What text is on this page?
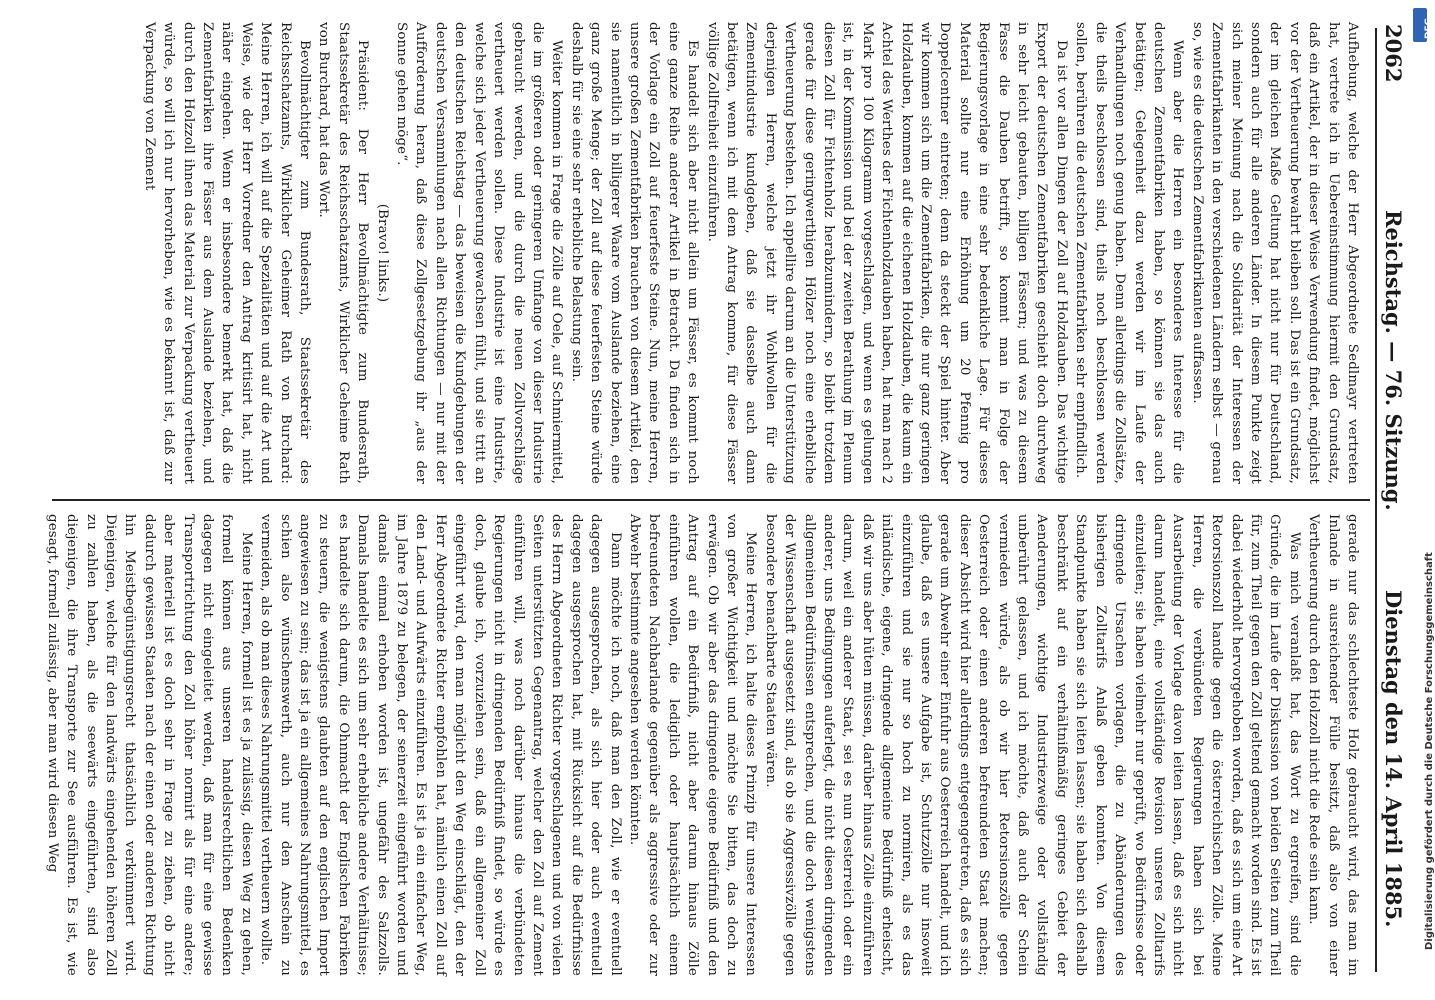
2062
Reichstag. — 76. Sitzung.
Dienstag den 14. April 1885.

Aufhebung, welche der Herr Abgeordnete Sedlmayr vertreten hat, vertrete ich in Uebereinstimmung hiermit den Grundsatz, daß ein Artikel, der in dieser Weise Verwendung findet, möglichst vor der Vertheuerung bewahrt bleiben soll. Das ist ein Grundsatz, der im gleichen Maße Geltung hat nicht nur für Deutschland, sondern auch für alle anderen Länder. In diesem Punkte zeigt sich meiner Meinung nach die Solidarität der Interessen der Zementfabrikanten in den verschiedenen Ländern selbst — genau so, wie es die deutschen Zementfabrikanten auffassen.

Wenn aber die Herren ein besonderes Interesse für die deutschen Zementfabriken haben, so können sie das auch betätigen; Gelegenheit dazu werden wir im Laufe der Verhandlungen noch genug haben. Denn allerdings die Zollsätze, die theils beschlossen sind, theils noch beschlossen werden sollen, berühren die deutschen Zementfabriken sehr empfindlich.

Da ist vor allen Dingen der Zoll auf Holzdauben. Das wichtige Export der deutschen Zementfabriken geschieht doch durchweg in sehr leicht gebauten, billigen Fässern; und was zu diesem Fasse die Dauben betrifft, so kommt man in Folge der Regierungsvorlage in eine sehr bedenkliche Lage. Für dieses Material sollte nur eine Erhöhung um 20 Pfennig pro Doppelcentner eintreten; denn da steckt der Spiel hinter. Aber wir kommen sich um die Zementfabriken, die nur ganz geringen Holzdauben, kommen auf die eichenen Holzdauben, die kaum ein Achtel des Werthes der Fichtenholzdauben haben, hat man nach 2 Mark pro 100 Kilogramm vorgeschlagen, und wenn es gelungen ist, in der Kommission und bei der zweiten Berathung im Plenum diesen Zoll für Fichtenholz herabzumindern, so bleibt trotzdem gerade für diese geringwerthigen Hölzer noch eine erhebliche Vertheuerung bestehen. Ich appellire darum an die Unterstützung derjenigen Herren, welche jetzt ihr Wohlwollen für die Zementindustrie kundgeben, daß sie dasselbe auch dann betätigen, wenn ich mit dem Antrag komme, für diese Fässer völlige Zollfreiheit einzuführen.

Es handelt sich aber nicht allein um Fässer, es kommt noch eine ganze Reihe anderer Artikel in Betracht. Da finden sich in der Vorlage ein Zoll auf feuerfeste Steine. Nun, meine Herren, unsere großen Zementfabriken brauchen von diesem Artikel, den sie namentlich in billigerer Waare vom Auslande beziehen, eine ganz große Menge; der Zoll auf diese feuerfesten Steine würde deshalb für sie eine sehr erhebliche Belastung sein.

Weiter kommen in Frage die Zölle auf Oele, auf Schmiermittel, die im größeren oder geringeren Umfange von dieser Industrie gebraucht werden, und die durch die neuen Zollvorschläge vertheuert werden sollen. Diese Industrie ist eine Industrie, welche sich jeder Vertheuerung gewachsen fühlt, und sie tritt an den deutschen Reichstag — das beweisen die Kundgebungen der deutschen Versammlungen nach allen Richtungen — nur mit der Aufforderung heran, daß diese Zollgesetzgebung ihr „aus der Sonne gehen möge“.

(Bravo! links.)

Präsident: Der Herr Bevollmächtigte zum Bundesrath, Staatssekretär des Reichsschatzamts, Wirklicher Geheime Rath von Burchard, hat das Wort.

Bevollmächtigter zum Bundesrath, Staatssekretär des Reichsschatzamts, Wirklicher Geheimer Rath von Burchard: Meine Herren, ich will auf die Spezialitäten und auf die Art und Weise, wie der Herr Vorredner den Antrag kritisirt hat, nicht näher eingehen. Wenn er insbesondere bemerkt hat, daß die Zementfabriken ihre Fässer aus dem Auslande beziehen, und durch den Holzzoll ihnen das Material zur Verpackung vertheuert würde, so will ich nur hervorheben, wie es bekannt ist, daß zur Verpackung von Zement

gerade nur das schlechteste Holz gebraucht wird, das man im Inlande in ausreichender Fülle besitzt, daß also von einer Vertheuerung durch den Holzzoll nicht die Rede sein kann.

Was mich veranlaßt hat, das Wort zu ergreifen, sind die Gründe, die im Laufe der Diskussion von beiden Seiten zum Theil für, zum Theil gegen den Zoll geltend gemacht worden sind. Es ist dabei wiederholt hervorgehoben worden, daß es sich um eine Art Retorsionszoll handle gegen die österreichischen Zölle. Meine Herren, die verbündeten Regierungen haben sich bei Ausarbeitung der Vorlage davon leiten lassen, daß es sich nicht darum handelt, eine vollständige Revision unseres Zolltarifs einzuleiten; sie haben vielmehr nur geprüft, wo Bedürfnisse oder dringende Ursachen vorlagen, die zu Abänderungen des bisherigen Zolltarifs Anlaß geben konnten. Von diesem Standpunkte haben sie sich leiten lassen; sie haben sich deshalb beschränkt auf ein verhältnißmäßig geringes Gebiet der Aenderungen, wichtige Industriezweige oder vollständig unberührt gelassen, und ich möchte, daß auch der Schein vermieden würde, als ob wir hier Retorsionszölle gegen Oesterreich oder einen anderen befreundeten Staat machen; dieser Absicht wird hier allerdings entgegengetreten, daß es sich gerade um Abwehr einer Einfuhr aus Oesterreich handelt, und ich glaube, daß es unsere Aufgabe ist, Schutzzölle nur insoweit einzuführen und sie nur so hoch zu normiren, als es das inländische, eigene, dringende allgemeine Bedürfniß erheischt, daß wir uns aber hüten müssen, darüber hinaus Zölle einzuführen darum, weil ein anderer Staat, sei es nun Oesterreich oder ein anderer, uns Bedingungen auferlegt, die nicht diesen dringenden allgemeinen Bedürfnissen entsprechen, und die doch wenigstens der Wissenschaft ausgesetzt sind, als ob sie Aggressivzölle gegen besondere benachbarte Staaten wären.

Meine Herren, ich halte dieses Prinzip für unsere Interessen von großer Wichtigkeit und möchte Sie bitten, das doch zu erwägen. Ob wir aber das dringende eigene Bedürfniß und den Antrag auf ein Bedürfniß, nicht aber darum hinaus Zölle einführen wollen, die lediglich oder hauptsächlich einem befreundeten Nachbarlande gegenüber als aggressive oder zur Abwehr bestimmte angesehen werden könnten.

Dann möchte ich noch, daß man den Zoll, wie er eventuell dagegen ausgesprochen, als sich hier oder auch eventuell dagegen ausgesprochen hat, mit Rücksicht auf die Bedürfnisse des Herrn Abgeordneten Richter vorgeschlagenen und von vielen Seiten unterstützten Gegenantrag, welcher den Zoll auf Zement einführen will, was noch darüber hinaus die verbündeten Regierungen nicht in dringenden Bedürfniß findet, so würde es doch, glaube ich, vorzuziehen sein, daß ein allgemeiner Zoll eingeführt wird, den man möglicht den Weg einschlägt, den der Herr Abgeordnete Richter empfohlen hat, nämlich einen Zoll auf den Land- und Aufwärts einzuführen. Es ist ja ein einfacher Weg, im Jahre 1879 zu belegen, der seinerzeit eingeführt worden und damals einmal erhoben worden ist, ungefähr des Salzzolls. Damals handelte es sich um sehr erhebliche andere Verhältnisse; es handelte sich darum, die Ohnmacht der Englischen Fabriken zu steuern, die wenigstens glaubten auf den englischen Import angewiesen zu sein; das ist ja ein allgemeines Nahrungsmittel, es schien also wünschenswerth, auch nur den Anschein zu vermeiden, als ob man dieses Nahrungsmittel vertheuern wollte.

Meine Herren, formell ist es ja zulässig, diesen Weg zu gehen, formell können aus unseren handelsrechtlichen Bedenken dagegen nicht eingeleitet werden, daß man für eine gewisse Transportrichtung den Zoll höher normirt als für eine andere; aber materiell ist es doch sehr in Frage zu ziehen, ob nicht dadurch gewissen Staaten nach der einen oder anderen Richtung hin Meistbegünstigungsrecht thatsächlich verkümmert wird. Diejenigen, welche für den landwärts eingehenden höheren Zoll zu zahlen haben, als die seewärts eingeführten, sind also diejenigen, die ihre Transporte zur See ausführen. Es ist, wie gesagt, formell zulässig, aber man wird diesen Weg

DFG
Digitalisierung gefördert durch die Deutsche Forschungsgemeinschaft
